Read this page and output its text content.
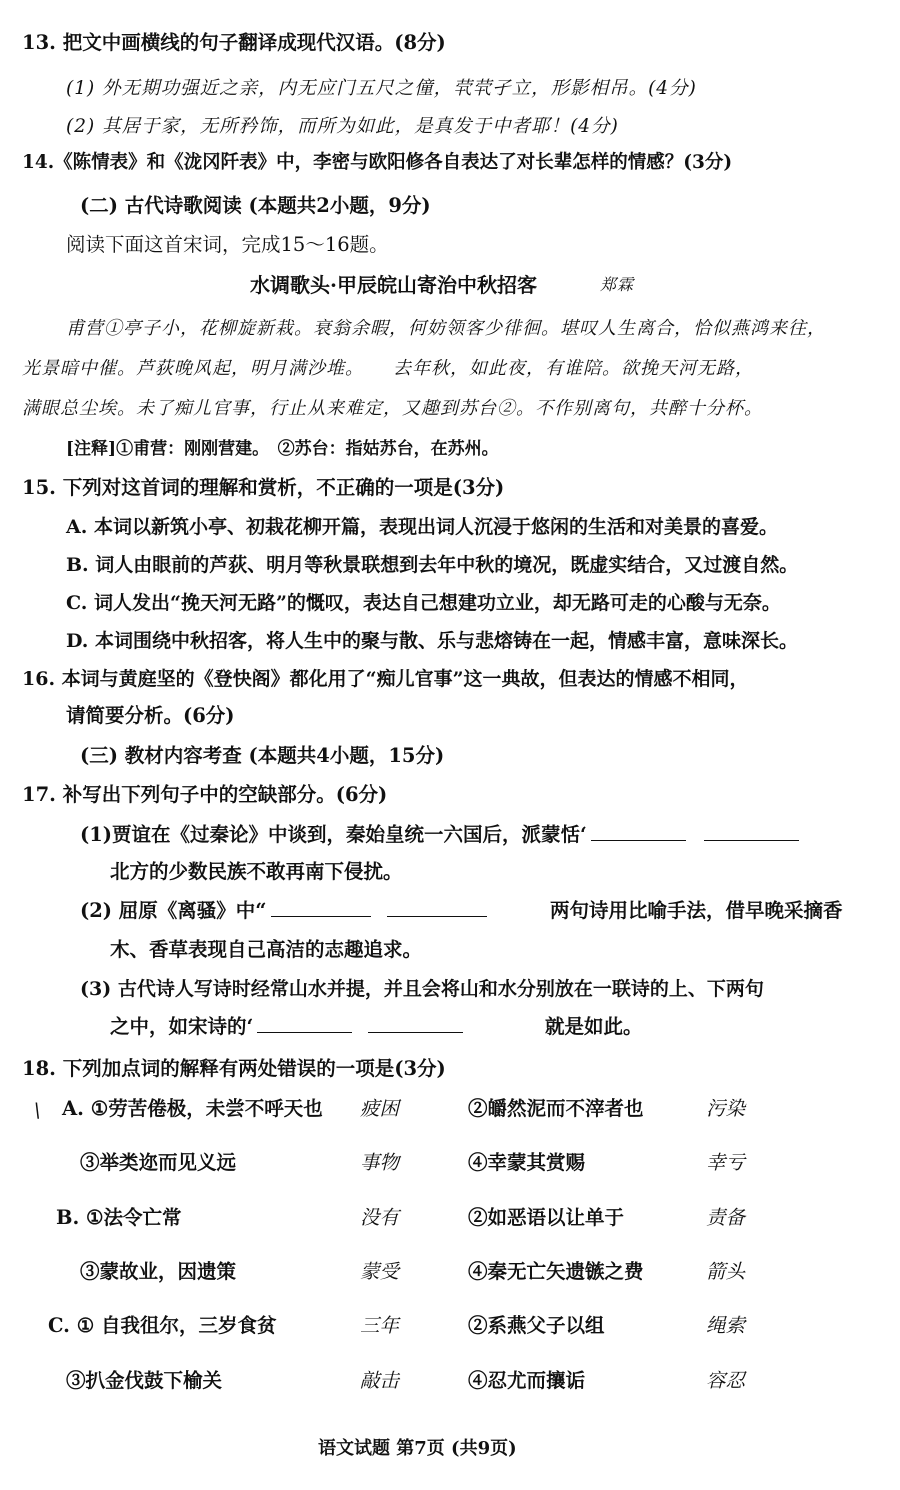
13. 把文中画横线的句子翻译成现代汉语。(8分)
(1) 外无期功强近之亲，内无应门五尺之僮，茕茕孑立，形影相吊。(4分)
(2) 其居于家，无所矜饰，而所为如此，是真发于中者耶！(4分)
14.《陈情表》和《泷冈阡表》中，李密与欧阳修各自表达了对长辈怎样的情感？(3分)
(二) 古代诗歌阅读 (本题共2小题，9分)
阅读下面这首宋词，完成15～16题。
水调歌头·甲辰皖山寄治中秋招客	郑霖
甫营①亭子小，花柳旋新栽。衰翁余暇，何妨领客少徘徊。堪叹人生离合，恰似燕鸿来往，
光景暗中催。芦荻晚风起，明月满沙堆。　　去年秋，如此夜，有谁陪。欲挽天河无路，
满眼总尘埃。未了痴儿官事，行止从来难定，又趣到苏台②。不作别离句，共醉十分杯。
[注释]①甫营：刚刚营建。　②苏台：指姑苏台，在苏州。
15. 下列对这首词的理解和赏析，不正确的一项是(3分)
A. 本词以新筑小亭、初栽花柳开篇，表现出词人沉浸于悠闲的生活和对美景的喜爱。
B. 词人由眼前的芦荻、明月等秋景联想到去年中秋的境况，既虚实结合，又过渡自然。
C. 词人发出“挽天河无路”的慨叹，表达自己想建功立业，却无路可走的心酸与无奈。
D. 本词围绕中秋招客，将人生中的聚与散、乐与悲熔铸在一起，情感丰富，意味深长。
16. 本词与黄庭坚的《登快阁》都化用了“痴儿官事”这一典故，但表达的情感不相同，
请简要分析。(6分)
(三) 教材内容考查 (本题共4小题，15分)
17. 补写出下列句子中的空缺部分。(6分)
(1)贾谊在《过秦论》中谈到，秦始皇统一六国后，派蒙恬‘
北方的少数民族不敢再南下侵扰。
(2) 屈原《离骚》中“	两句诗用比喻手法，借早晚采摘香
木、香草表现自己高洁的志趣追求。
(3) 古代诗人写诗时经常山水并提，并且会将山和水分别放在一联诗的上、下两句
之中，如宋诗的‘	就是如此。
18. 下列加点词的解释有两处错误的一项是(3分)
\ A. ①劳苦倦极，未尝不呼天也 疲困	②皭然泥而不滓者也	污染
③举类迩而见义远	事物	④幸蒙其赏赐	幸亏
B. ①法令亡常	没有	②如恶语以让单于	责备
③蒙故业，因遗策	蒙受	④秦无亡矢遗镞之费	箭头
C. ① 自我徂尔，三岁食贫	三年	②系燕父子以组	绳索
③扒金伐鼓下榆关	敲击	④忍尤而攘诟	容忍
语文试题 第7页 (共9页)
